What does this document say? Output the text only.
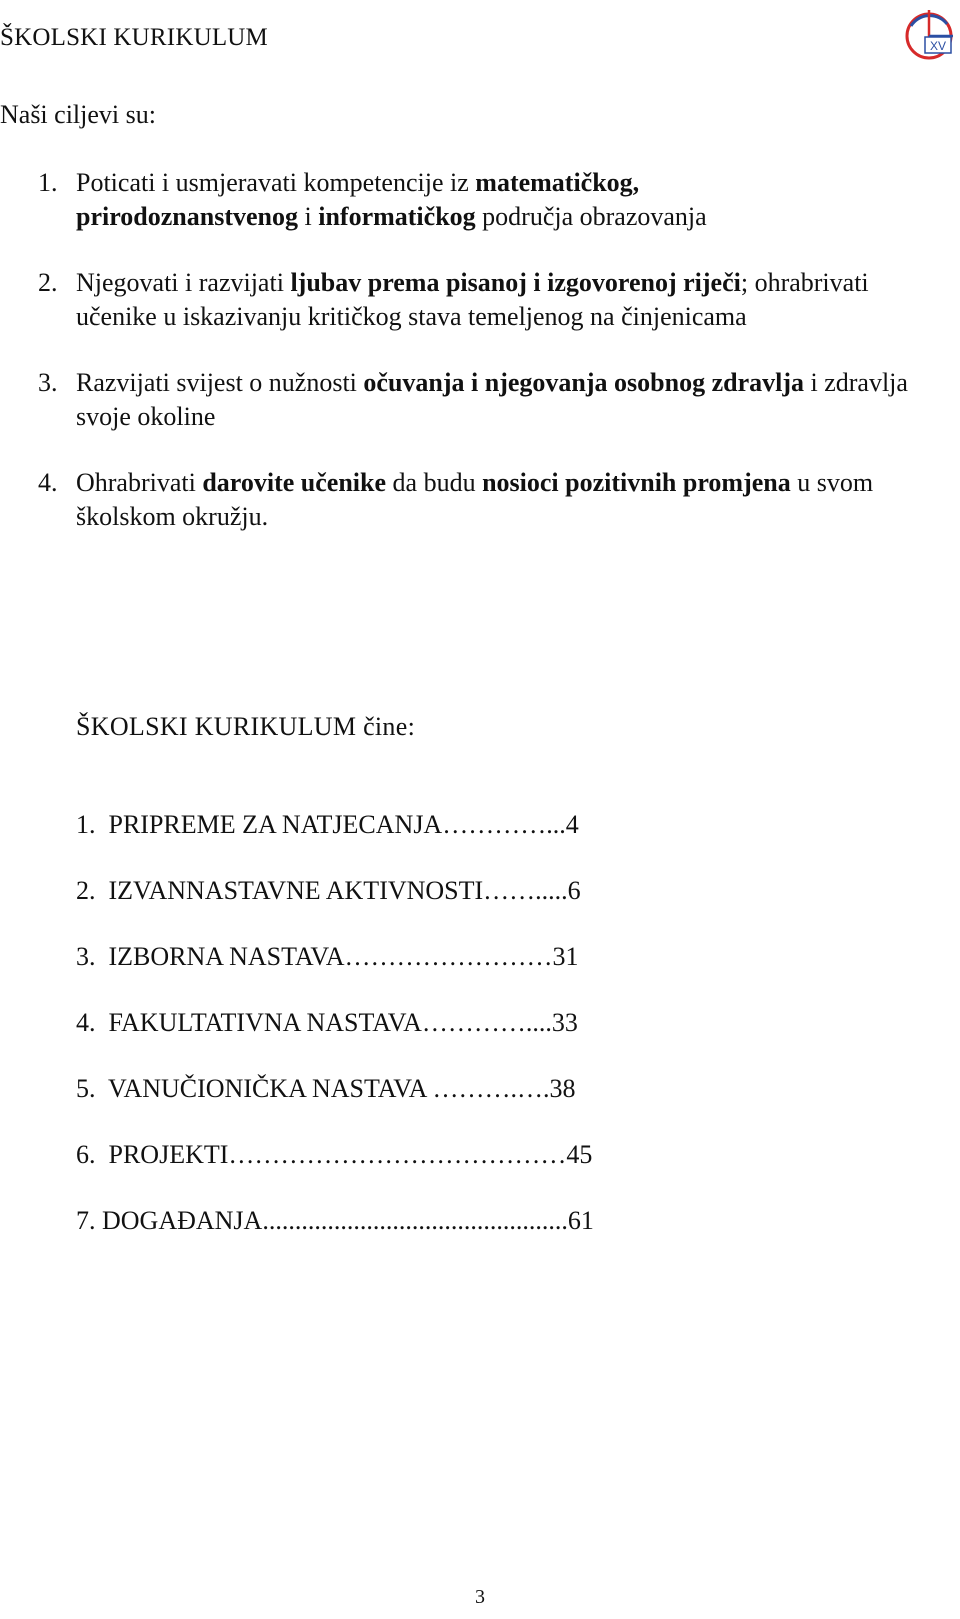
ŠKOLSKI KURIKULUM	XV
Naši ciljevi su:
1. Poticati i usmjeravati kompetencije iz matematičkog,
prirodoznanstvenog i informatičkog područja obrazovanja
2. Njegovati i razvijati ljubav prema pisanoj i izgovorenoj riječi; ohrabrivati učenike u iskazivanju kritičkog stava temeljenog na činjenicama
3. Razvijati svijest o nužnosti očuvanja i njegovanja osobnog zdravlja i zdravlja svoje okoline
4. Ohrabrivati darovite učenike da budu nosioci pozitivnih promjena u svom školskom okružju.
ŠKOLSKI KURIKULUM čine:
1.  PRIPREME ZA NATJECANJA…………...4
2.  IZVANNASTAVNE AKTIVNOSTI…….....6
3.  IZBORNA NASTAVA……………………31
4.  FAKULTATIVNA NASTAVA…………....33
5.  VANUČIONIČKA NASTAVA ……….….38
6.  PROJEKTI…………………………………45
7. DOGAĐANJA...............................................61
3
